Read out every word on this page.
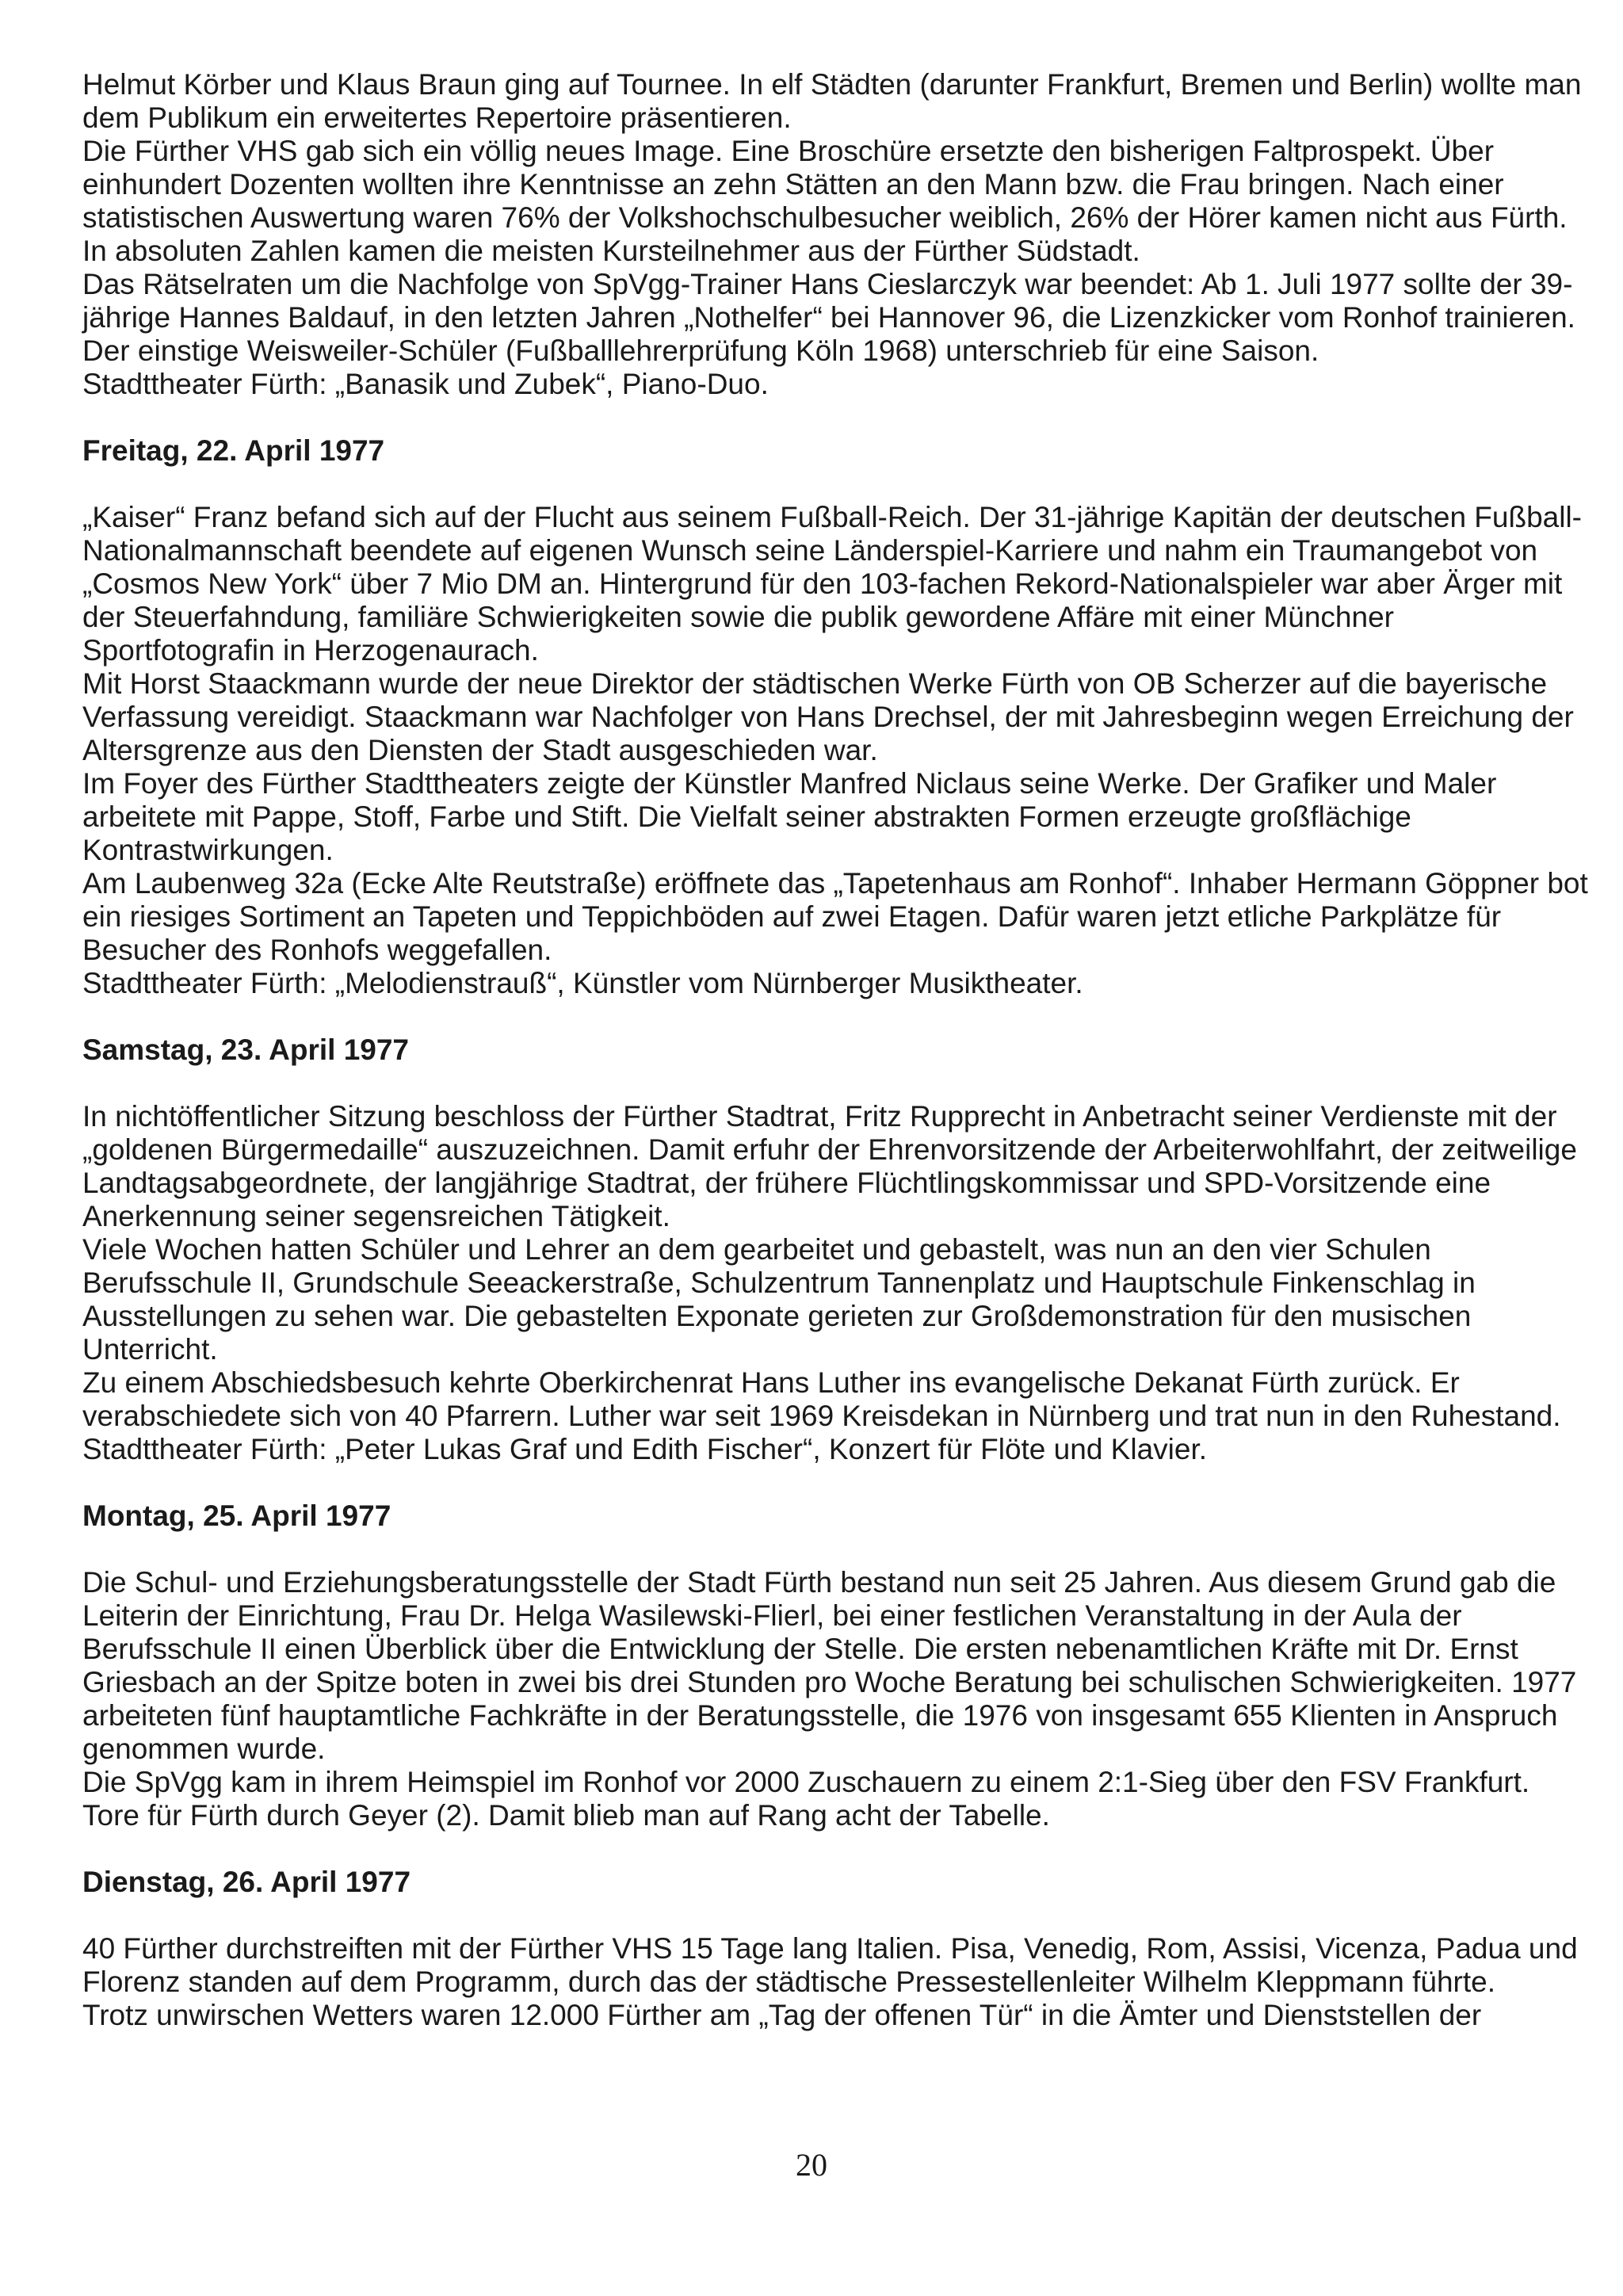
Helmut Körber und Klaus Braun ging auf Tournee. In elf Städten (darunter Frankfurt, Bremen und Berlin) wollte man dem Publikum ein erweitertes Repertoire präsentieren.

Die Fürther VHS gab sich ein völlig neues Image. Eine Broschüre ersetzte den bisherigen Faltprospekt. Über einhundert Dozenten wollten ihre Kenntnisse an zehn Stätten an den Mann bzw. die Frau bringen. Nach einer statistischen Auswertung waren 76% der Volkshochschulbesucher weiblich, 26% der Hörer kamen nicht aus Fürth. In absoluten Zahlen kamen die meisten Kursteilnehmer aus der Fürther Südstadt.

Das Rätselraten um die Nachfolge von SpVgg-Trainer Hans Cieslarczyk war beendet: Ab 1. Juli 1977 sollte der 39-jährige Hannes Baldauf, in den letzten Jahren „Nothelfer“ bei Hannover 96, die Lizenzkicker vom Ronhof trainieren. Der einstige Weisweiler-Schüler (Fußballlehrerprüfung Köln 1968) unterschrieb für eine Saison.

Stadttheater Fürth: „Banasik und Zubek“, Piano-Duo.

Freitag, 22. April 1977

„Kaiser“ Franz befand sich auf der Flucht aus seinem Fußball-Reich. Der 31-jährige Kapitän der deutschen Fußball-Nationalmannschaft beendete auf eigenen Wunsch seine Länderspiel-Karriere und nahm ein Traumangebot von „Cosmos New York“ über 7 Mio DM an. Hintergrund für den 103-fachen Rekord-Nationalspieler war aber Ärger mit der Steuerfahndung, familiäre Schwierigkeiten sowie die publik gewordene Affäre mit einer Münchner Sportfotografin in Herzogenaurach.

Mit Horst Staackmann wurde der neue Direktor der städtischen Werke Fürth von OB Scherzer auf die bayerische Verfassung vereidigt. Staackmann war Nachfolger von Hans Drechsel, der mit Jahresbeginn wegen Erreichung der Altersgrenze aus den Diensten der Stadt ausgeschieden war.

Im Foyer des Fürther Stadttheaters zeigte der Künstler Manfred Niclaus seine Werke. Der Grafiker und Maler arbeitete mit Pappe, Stoff, Farbe und Stift. Die Vielfalt seiner abstrakten Formen erzeugte großflächige Kontrastwirkungen.

Am Laubenweg 32a (Ecke Alte Reutstraße) eröffnete das „Tapetenhaus am Ronhof“. Inhaber Hermann Göppner bot ein riesiges Sortiment an Tapeten und Teppichböden auf zwei Etagen. Dafür waren jetzt etliche Parkplätze für Besucher des Ronhofs weggefallen.

Stadttheater Fürth: „Melodienstrauß“, Künstler vom Nürnberger Musiktheater.

Samstag, 23. April 1977

In nichtöffentlicher Sitzung beschloss der Fürther Stadtrat, Fritz Rupprecht in Anbetracht seiner Verdienste mit der „goldenen Bürgermedaille“ auszuzeichnen. Damit erfuhr der Ehrenvorsitzende der Arbeiterwohlfahrt, der zeitweilige Landtagsabgeordnete, der langjährige Stadtrat, der frühere Flüchtlingskommissar und SPD-Vorsitzende eine Anerkennung seiner segensreichen Tätigkeit.

Viele Wochen hatten Schüler und Lehrer an dem gearbeitet und gebastelt, was nun an den vier Schulen Berufsschule II, Grundschule Seeackerstraße, Schulzentrum Tannenplatz und Hauptschule Finkenschlag in Ausstellungen zu sehen war. Die gebastelten Exponate gerieten zur Großdemonstration für den musischen Unterricht.

Zu einem Abschiedsbesuch kehrte Oberkirchenrat Hans Luther ins evangelische Dekanat Fürth zurück. Er verabschiedete sich von 40 Pfarrern. Luther war seit 1969 Kreisdekan in Nürnberg und trat nun in den Ruhestand.

Stadttheater Fürth: „Peter Lukas Graf und Edith Fischer“, Konzert für Flöte und Klavier.

Montag, 25. April 1977

Die Schul- und Erziehungsberatungsstelle der Stadt Fürth bestand nun seit 25 Jahren. Aus diesem Grund gab die Leiterin der Einrichtung, Frau Dr. Helga Wasilewski-Flierl, bei einer festlichen Veranstaltung in der Aula der Berufsschule II einen Überblick über die Entwicklung der Stelle. Die ersten nebenamtlichen Kräfte mit Dr. Ernst Griesbach an der Spitze boten in zwei bis drei Stunden pro Woche Beratung bei schulischen Schwierigkeiten. 1977 arbeiteten fünf hauptamtliche Fachkräfte in der Beratungsstelle, die 1976 von insgesamt 655 Klienten in Anspruch genommen wurde.

Die SpVgg kam in ihrem Heimspiel im Ronhof vor 2000 Zuschauern zu einem 2:1-Sieg über den FSV Frankfurt. Tore für Fürth durch Geyer (2). Damit blieb man auf Rang acht der Tabelle.

Dienstag, 26. April 1977

40 Fürther durchstreiften mit der Fürther VHS 15 Tage lang Italien. Pisa, Venedig, Rom, Assisi, Vicenza, Padua und Florenz standen auf dem Programm, durch das der städtische Pressestellenleiter Wilhelm Kleppmann führte.

Trotz unwirschen Wetters waren 12.000 Fürther am „Tag der offenen Tür“ in die Ämter und Dienststellen der

20
